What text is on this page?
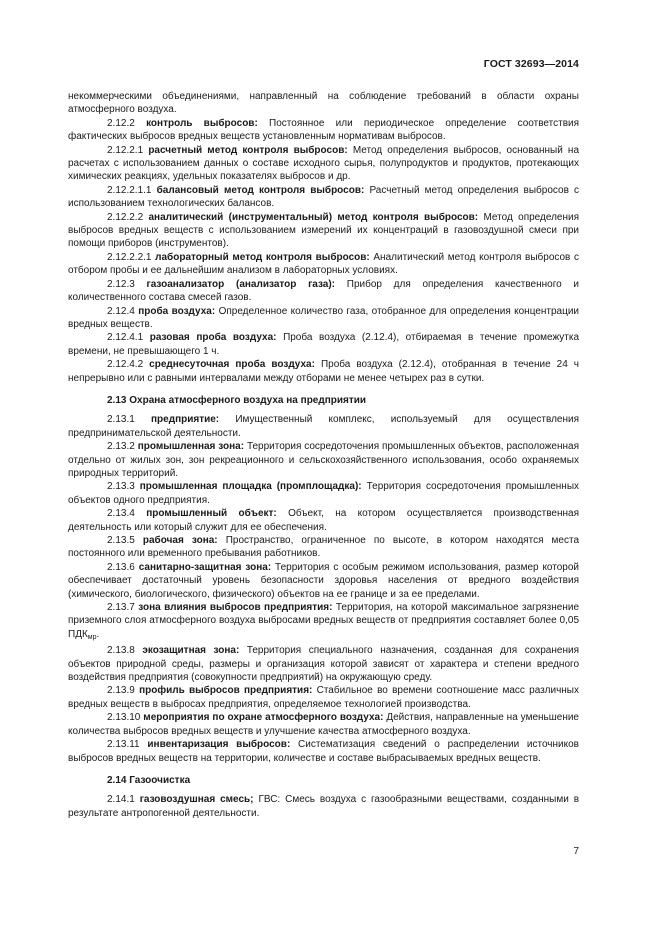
ГОСТ 32693—2014

некоммерческими объединениями, направленный на соблюдение требований в области охраны атмосферного воздуха.

2.12.2 контроль выбросов: Постоянное или периодическое определение соответствия фактических выбросов вредных веществ установленным нормативам выбросов.

2.12.2.1 расчетный метод контроля выбросов: Метод определения выбросов, основанный на расчетах с использованием данных о составе исходного сырья, полупродуктов и продуктов, протекающих химических реакциях, удельных показателях выбросов и др.

2.12.2.1.1 балансовый метод контроля выбросов: Расчетный метод определения выбросов с использованием технологических балансов.

2.12.2.2 аналитический (инструментальный) метод контроля выбросов: Метод определения выбросов вредных веществ с использованием измерений их концентраций в газовоздушной смеси при помощи приборов (инструментов).

2.12.2.2.1 лабораторный метод контроля выбросов: Аналитический метод контроля выбросов с отбором пробы и ее дальнейшим анализом в лабораторных условиях.

2.12.3 газоанализатор (анализатор газа): Прибор для определения качественного и количественного состава смесей газов.

2.12.4 проба воздуха: Определенное количество газа, отобранное для определения концентрации вредных веществ.

2.12.4.1 разовая проба воздуха: Проба воздуха (2.12.4), отбираемая в течение промежутка времени, не превышающего 1 ч.

2.12.4.2 среднесуточная проба воздуха: Проба воздуха (2.12.4), отобранная в течение 24 ч непрерывно или с равными интервалами между отборами не менее четырех раз в сутки.

2.13 Охрана атмосферного воздуха на предприятии

2.13.1 предприятие: Имущественный комплекс, используемый для осуществления предпринимательской деятельности.

2.13.2 промышленная зона: Территория сосредоточения промышленных объектов, расположенная отдельно от жилых зон, зон рекреационного и сельскохозяйственного использования, особо охраняемых природных территорий.

2.13.3 промышленная площадка (промплощадка): Территория сосредоточения промышленных объектов одного предприятия.

2.13.4 промышленный объект: Объект, на котором осуществляется производственная деятельность или который служит для ее обеспечения.

2.13.5 рабочая зона: Пространство, ограниченное по высоте, в котором находятся места постоянного или временного пребывания работников.

2.13.6 санитарно-защитная зона: Территория с особым режимом использования, размер которой обеспечивает достаточный уровень безопасности здоровья населения от вредного воздействия (химического, биологического, физического) объектов на ее границе и за ее пределами.

2.13.7 зона влияния выбросов предприятия: Территория, на которой максимальное загрязнение приземного слоя атмосферного воздуха выбросами вредных веществ от предприятия составляет более 0,05 $ПДК_{мр}$.

2.13.8 экозащитная зона: Территория специального назначения, созданная для сохранения объектов природной среды, размеры и организация которой зависят от характера и степени вредного воздействия предприятия (совокупности предприятий) на окружающую среду.

2.13.9 профиль выбросов предприятия: Стабильное во времени соотношение масс различных вредных веществ в выбросах предприятия, определяемое технологией производства.

2.13.10 мероприятия по охране атмосферного воздуха: Действия, направленные на уменьшение количества выбросов вредных веществ и улучшение качества атмосферного воздуха.

2.13.11 инвентаризация выбросов: Систематизация сведений о распределении источников выбросов вредных веществ на территории, количестве и составе выбрасываемых вредных веществ.

2.14 Газоочистка

2.14.1 газовоздушная смесь; ГВС: Смесь воздуха с газообразными веществами, созданными в результате антропогенной деятельности.

7
